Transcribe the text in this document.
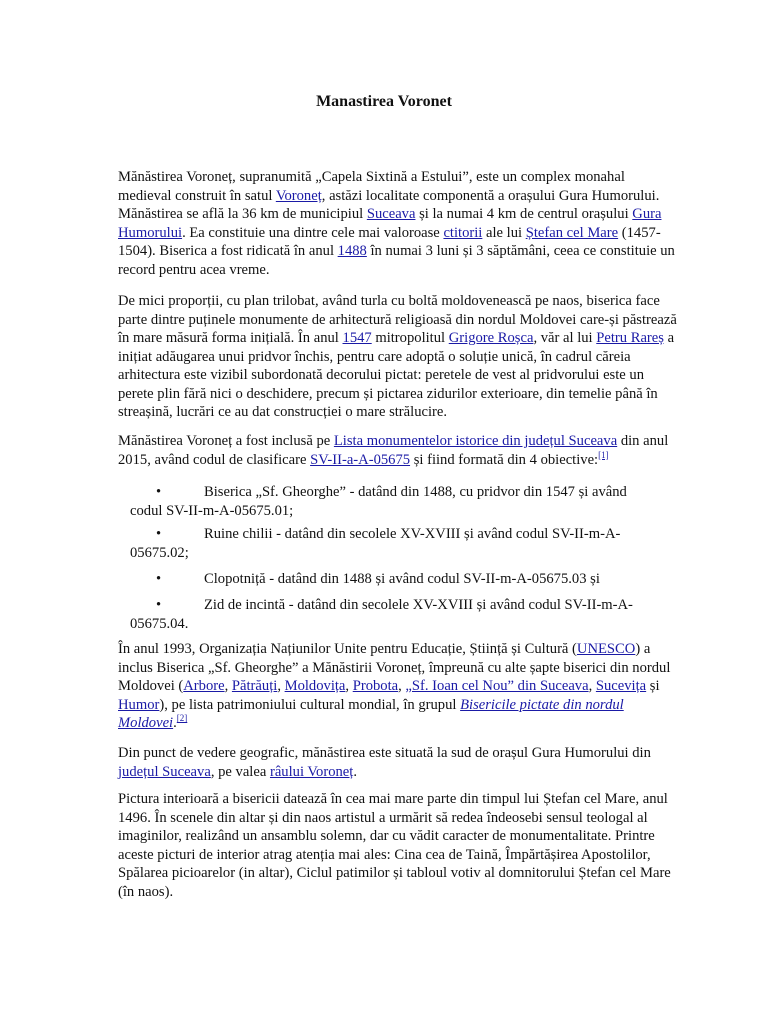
Manastirea Voronet

Mănăstirea Voroneț, supranumită „Capela Sixtină a Estului”, este un complex monahal medieval construit în satul Voroneț, astăzi localitate componentă a orașului Gura Humorului. Mănăstirea se află la 36 km de municipiul Suceava și la numai 4 km de centrul orașului Gura Humorului. Ea constituie una dintre cele mai valoroase ctitorii ale lui Ștefan cel Mare (1457-1504). Biserica a fost ridicată în anul 1488 în numai 3 luni și 3 săptămâni, ceea ce constituie un record pentru acea vreme.

De mici proporții, cu plan trilobat, având turla cu boltă moldovenească pe naos, biserica face parte dintre puținele monumente de arhitectură religioasă din nordul Moldovei care-și păstrează în mare măsură forma inițială. În anul 1547 mitropolitul Grigore Roșca, văr al lui Petru Rareș a inițiat adăugarea unui pridvor închis, pentru care adoptă o soluție unică, în cadrul căreia arhitectura este vizibil subordonată decorului pictat: peretele de vest al pridvorului este un perete plin fără nici o deschidere, precum și pictarea zidurilor exterioare, din temelie până în streașină, lucrări ce au dat construcției o mare strălucire.

Mănăstirea Voroneț a fost inclusă pe Lista monumentelor istorice din județul Suceava din anul 2015, având codul de clasificare SV-II-a-A-05675 și fiind formată din 4 obiective:[1]

•	Biserica „Sf. Gheorghe” - datând din 1488, cu pridvor din 1547 și având codul SV-II-m-A-05675.01;

•	Ruine chilii - datând din secolele XV-XVIII și având codul SV-II-m-A-05675.02;

•	Clopotniță - datând din 1488 și având codul SV-II-m-A-05675.03 și

•	Zid de incintă - datând din secolele XV-XVIII și având codul SV-II-m-A-05675.04.

În anul 1993, Organizația Națiunilor Unite pentru Educație, Știință și Cultură (UNESCO) a inclus Biserica „Sf. Gheorghe” a Mănăstirii Voroneț, împreună cu alte șapte biserici din nordul Moldovei (Arbore, Pătrăuți, Moldovița, Probota, „Sf. Ioan cel Nou” din Suceava, Sucevița și Humor), pe lista patrimoniului cultural mondial, în grupul Bisericile pictate din nordul Moldovei.[2]

Din punct de vedere geografic, mănăstirea este situată la sud de orașul Gura Humorului din județul Suceava, pe valea râului Voroneț.

Pictura interioară a bisericii datează în cea mai mare parte din timpul lui Ștefan cel Mare, anul 1496. În scenele din altar și din naos artistul a urmărit să redea îndeosebi sensul teologal al imaginilor, realizând un ansamblu solemn, dar cu vădit caracter de monumentalitate. Printre aceste picturi de interior atrag atenția mai ales: Cina cea de Taină, Împărtășirea Apostolilor, Spălarea picioarelor (in altar), Ciclul patimilor și tabloul votiv al domnitorului Ștefan cel Mare (în naos).
